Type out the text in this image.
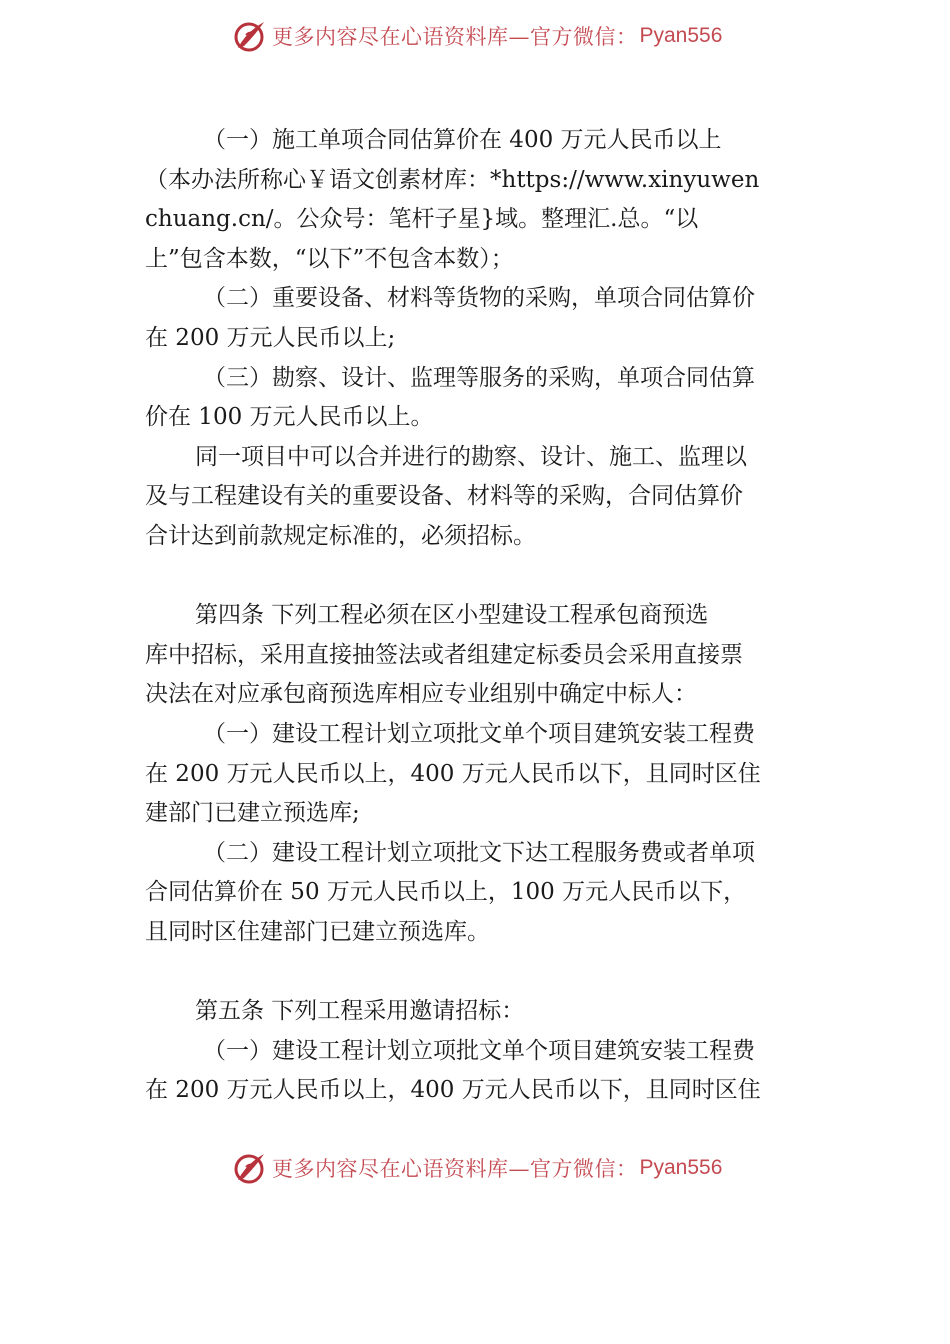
更多内容尽在心语资料库—官方微信： Pyan556
（一）施工单项合同估算价在 400 万元人民币以上
（本办法所称心￥语文创素材库：*https://www.xinyuwen
chuang.cn/。公众号：笔杆子星}域。整理汇.总。“以
上”包含本数，“以下”不包含本数）；
（二）重要设备、材料等货物的采购，单项合同估算价
在 200 万元人民币以上;
（三）勘察、设计、监理等服务的采购，单项合同估算
价在 100 万元人民币以上。
同一项目中可以合并进行的勘察、设计、施工、监理以
及与工程建设有关的重要设备、材料等的采购，合同估算价
合计达到前款规定标准的，必须招标。
第四条 下列工程必须在区小型建设工程承包商预选
库中招标，采用直接抽签法或者组建定标委员会采用直接票
决法在对应承包商预选库相应专业组别中确定中标人：
（一）建设工程计划立项批文单个项目建筑安装工程费
在 200 万元人民币以上，400 万元人民币以下，且同时区住
建部门已建立预选库;
（二）建设工程计划立项批文下达工程服务费或者单项
合同估算价在 50 万元人民币以上，100 万元人民币以下，
且同时区住建部门已建立预选库。
第五条 下列工程采用邀请招标：
（一）建设工程计划立项批文单个项目建筑安装工程费
在 200 万元人民币以上，400 万元人民币以下，且同时区住
更多内容尽在心语资料库—官方微信： Pyan556
